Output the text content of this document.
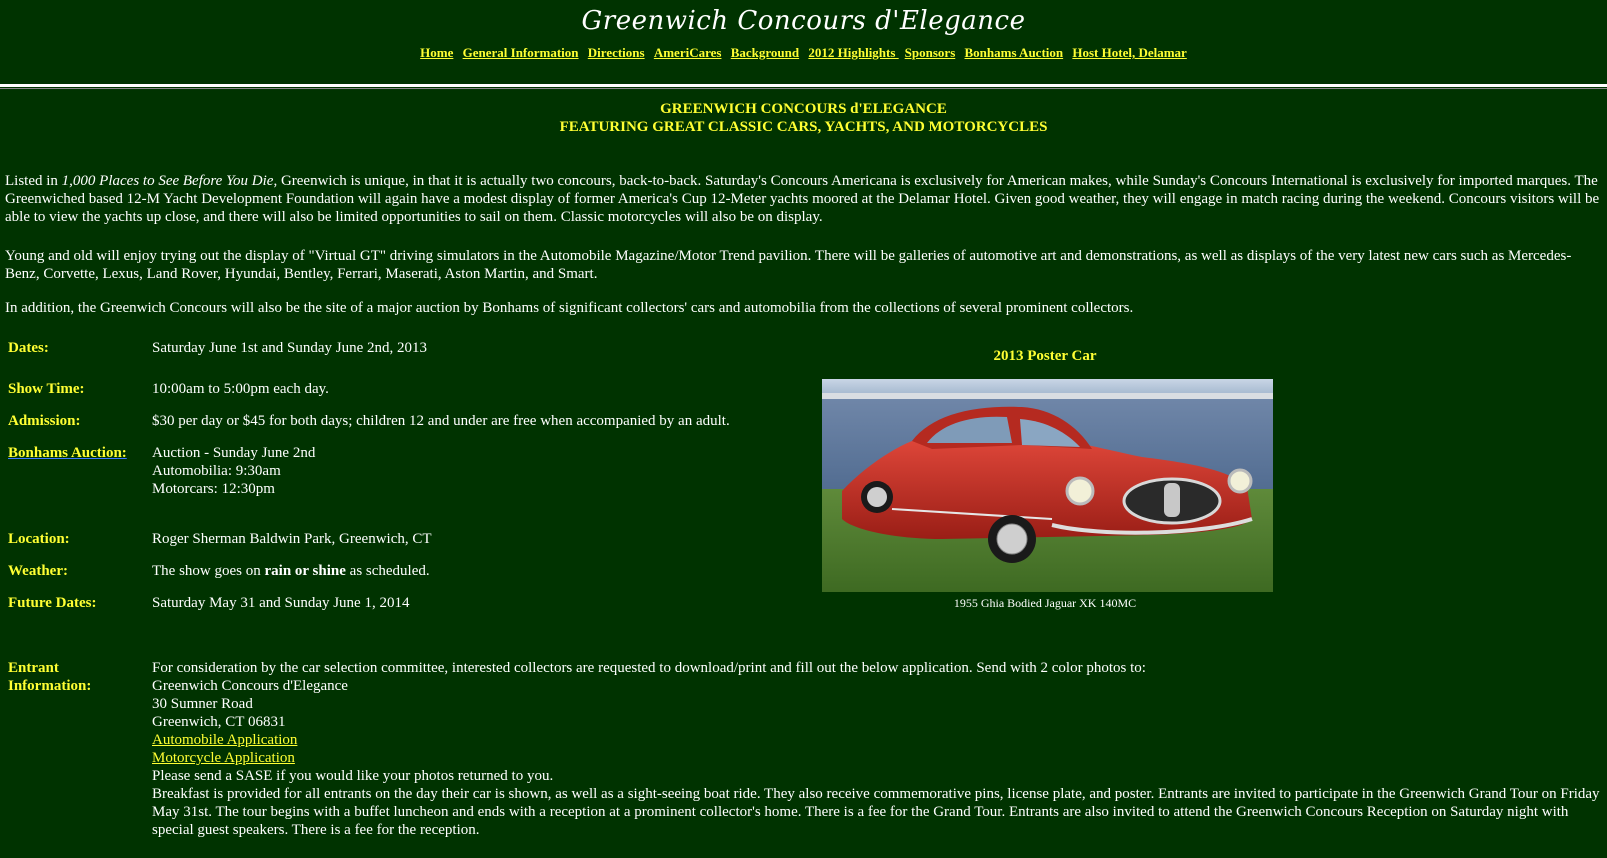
Greenwich Concours d'Elegance
Home General Information Directions AmeriCares Background 2012 Highlights Sponsors Bonhams Auction Host Hotel, Delamar
GREENWICH CONCOURS d'ELEGANCE
FEATURING GREAT CLASSIC CARS, YACHTS, AND MOTORCYCLES
Listed in 1,000 Places to See Before You Die, Greenwich is unique, in that it is actually two concours, back-to-back. Saturday's Concours Americana is exclusively for American makes, while Sunday's Concours International is exclusively for imported marques. The Greenwiched based 12-M Yacht Development Foundation will again have a modest display of former America's Cup 12-Meter yachts moored at the Delamar Hotel. Given good weather, they will engage in match racing during the weekend. Concours visitors will be able to view the yachts up close, and there will also be limited opportunities to sail on them. Classic motorcycles will also be on display.
Young and old will enjoy trying out the display of "Virtual GT" driving simulators in the Automobile Magazine/Motor Trend pavilion. There will be galleries of automotive art and demonstrations, as well as displays of the very latest new cars such as Mercedes-Benz, Corvette, Lexus, Land Rover, Hyundai, Bentley, Ferrari, Maserati, Aston Martin, and Smart.
In addition, the Greenwich Concours will also be the site of a major auction by Bonhams of significant collectors' cars and automobilia from the collections of several prominent collectors.
Dates:	Saturday June 1st and Sunday June 2nd, 2013
Show Time:	10:00am to 5:00pm each day.
Admission:	$30 per day or $45 for both days; children 12 and under are free when accompanied by an adult.
Bonhams Auction: Auction - Sunday June 2nd
Automobilia: 9:30am
Motorcars: 12:30pm
Location:	Roger Sherman Baldwin Park, Greenwich, CT
Weather:	The show goes on rain or shine as scheduled.
Future Dates:	Saturday May 31 and Sunday June 1, 2014
2013 Poster Car
1955 Ghia Bodied Jaguar XK 140MC
Entrant
Information:
For consideration by the car selection committee, interested collectors are requested to download/print and fill out the below application. Send with 2 color photos to:
Greenwich Concours d'Elegance
30 Sumner Road
Greenwich, CT 06831
Automobile Application
Motorcycle Application
Please send a SASE if you would like your photos returned to you.
Breakfast is provided for all entrants on the day their car is shown, as well as a sight-seeing boat ride. They also receive commemorative pins, license plate, and poster. Entrants are invited to participate in the Greenwich Grand Tour on Friday May 31st. The tour begins with a buffet luncheon and ends with a reception at a prominent collector's home. There is a fee for the Grand Tour. Entrants are also invited to attend the Greenwich Concours Reception on Saturday night with special guest speakers. There is a fee for the reception.
